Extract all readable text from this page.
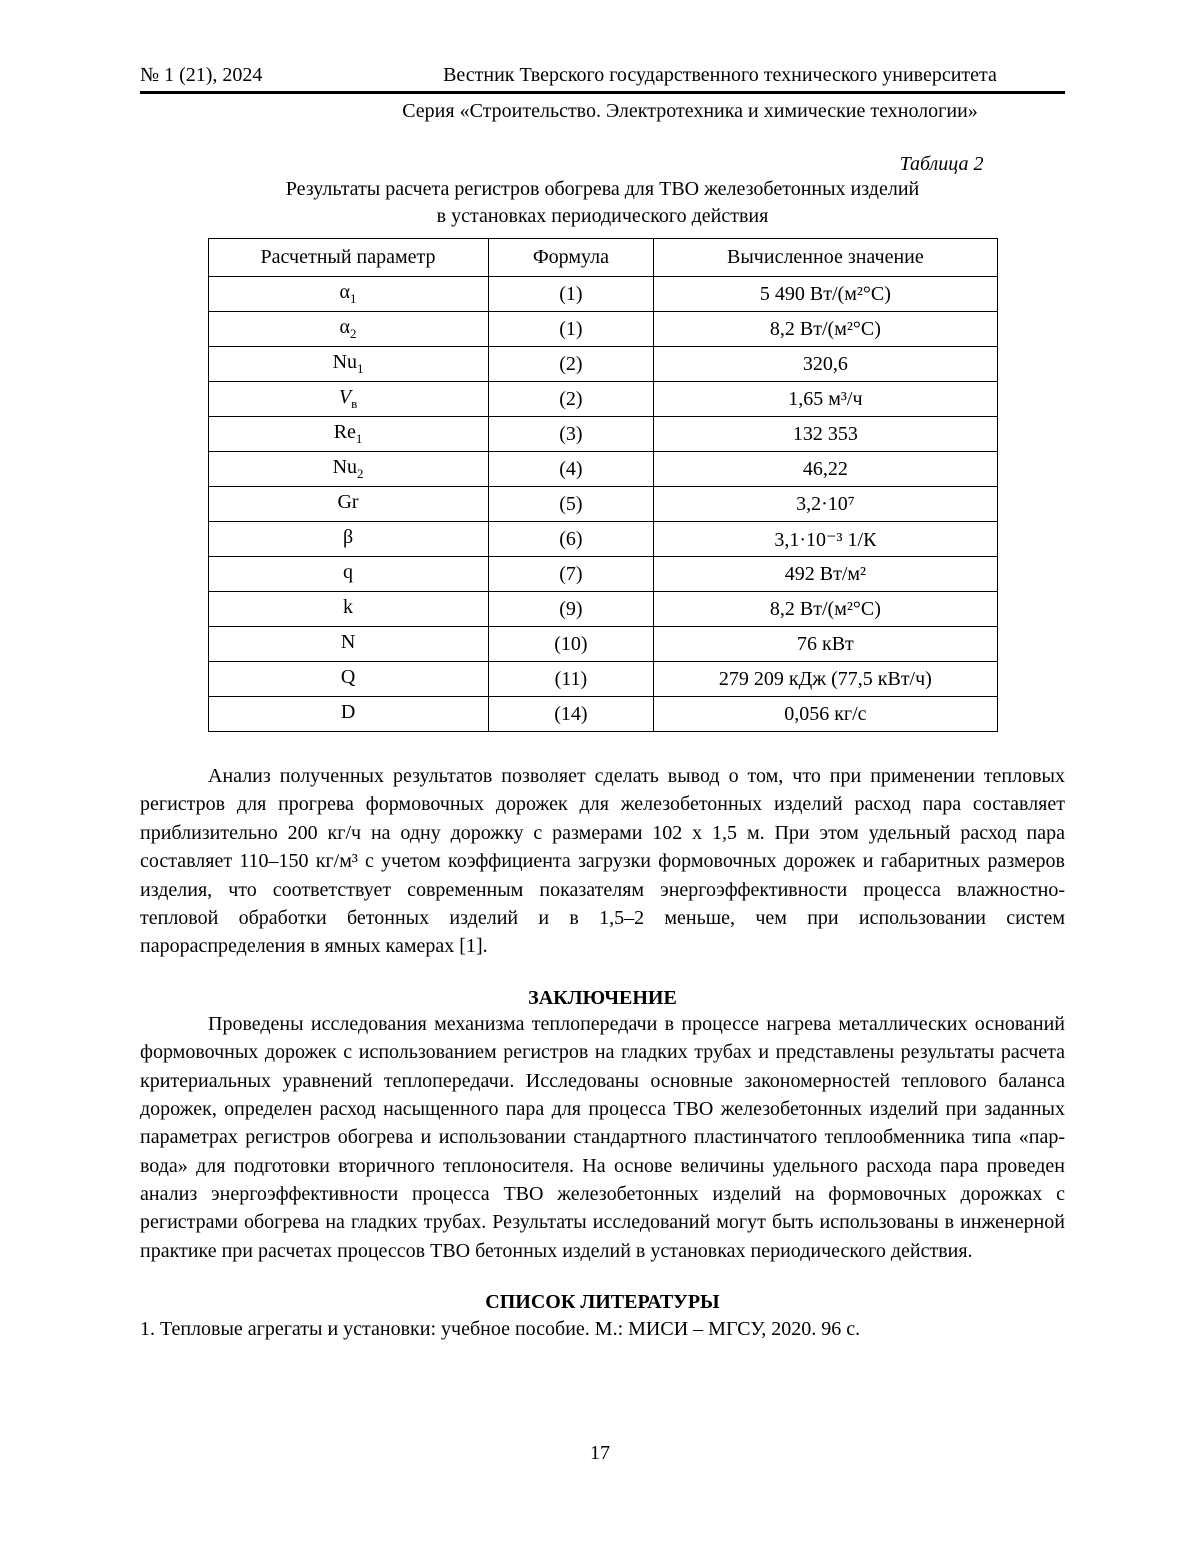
№ 1 (21), 2024	Вестник Тверского государственного технического университета
Серия «Строительство. Электротехника и химические технологии»
Таблица 2
Результаты расчета регистров обогрева для ТВО железобетонных изделий
в установках периодического действия
Расчетный параметр	Формула	Вычисленное значение
$\alpha_1$	(1)	5 490 Вт/(м²°С)
$\alpha_2$	(1)	8,2 Вт/(м²°С)
$Nu_1$	(2)	320,6
$V_в$	(2)	1,65 м³/ч
$Re_1$	(3)	132 353
$Nu_2$	(4)	46,22
Gr	(5)	3,2·10⁷
β	(6)	3,1·10⁻³ 1/К
q	(7)	492 Вт/м²
k	(9)	8,2 Вт/(м²°С)
N	(10)	76 кВт
Q	(11)	279 209 кДж (77,5 кВт/ч)
D	(14)	0,056 кг/с

Анализ полученных результатов позволяет сделать вывод о том, что при применении тепловых регистров для прогрева формовочных дорожек для железобетонных изделий расход пара составляет приблизительно 200 кг/ч на одну дорожку с размерами 102 х 1,5 м. При этом удельный расход пара составляет 110–150 кг/м³ с учетом коэффициента загрузки формовочных дорожек и габаритных размеров изделия, что соответствует современным показателям энергоэффективности процесса влажностно-тепловой обработки бетонных изделий и в 1,5–2 меньше, чем при использовании систем парораспределения в ямных камерах [1].

ЗАКЛЮЧЕНИЕ

Проведены исследования механизма теплопередачи в процессе нагрева металлических оснований формовочных дорожек с использованием регистров на гладких трубах и представлены результаты расчета критериальных уравнений теплопередачи. Исследованы основные закономерностей теплового баланса дорожек, определен расход насыщенного пара для процесса ТВО железобетонных изделий при заданных параметрах регистров обогрева и использовании стандартного пластинчатого теплообменника типа «пар-вода» для подготовки вторичного теплоносителя. На основе величины удельного расхода пара проведен анализ энергоэффективности процесса ТВО железобетонных изделий на формовочных дорожках с регистрами обогрева на гладких трубах. Результаты исследований могут быть использованы в инженерной практике при расчетах процессов ТВО бетонных изделий в установках периодического действия.

СПИСОК ЛИТЕРАТУРЫ
1. Тепловые агрегаты и установки: учебное пособие. М.: МИСИ – МГСУ, 2020. 96 с.
17
